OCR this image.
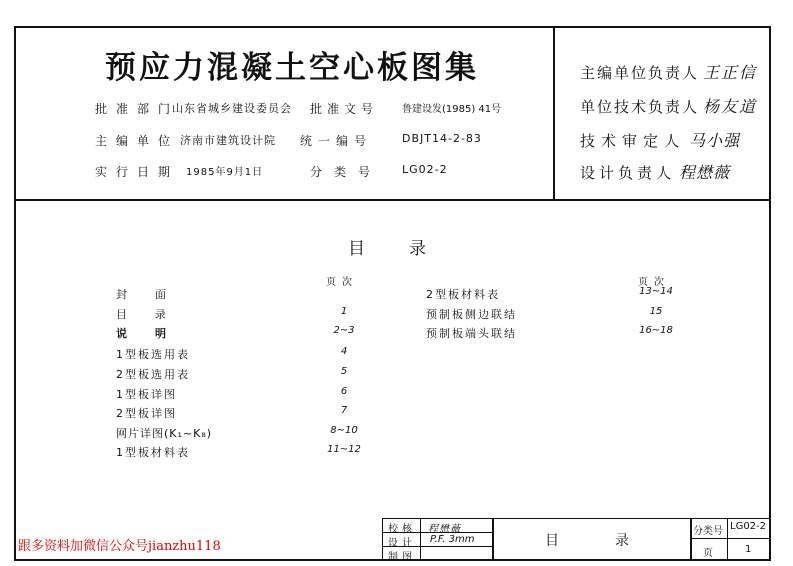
预应力混凝土空心板图集
批准部门
山东省城乡建设委员会 批准文号 鲁建设发(1985) 41号
主编单位 济南市建筑设计院 统一编号	DBJT14-2-83
实行日期 1985年9月1日	分类号 LG02-2
主编单位负责人 王正信
单位技术负责人 杨友道
技术审定人 马小强
设计负责人 程懋薇
目录
页次	页次
封　　面
目　　录	1
说　　明	2~3
1型板选用表	4
2型板选用表	5
1型板详图	6
2型板详图	7
网片详图(K₁~K₈)	8~10
1型板材料表	11~12
2型板材料表	13~14
预制板侧边联结	15
预制板端头联结	16~18
校核 程懋薇
设计 P.F. 3mm
制图
目录
分类号 LG02-2
页	1
跟多资料加微信公众号jianzhu118
